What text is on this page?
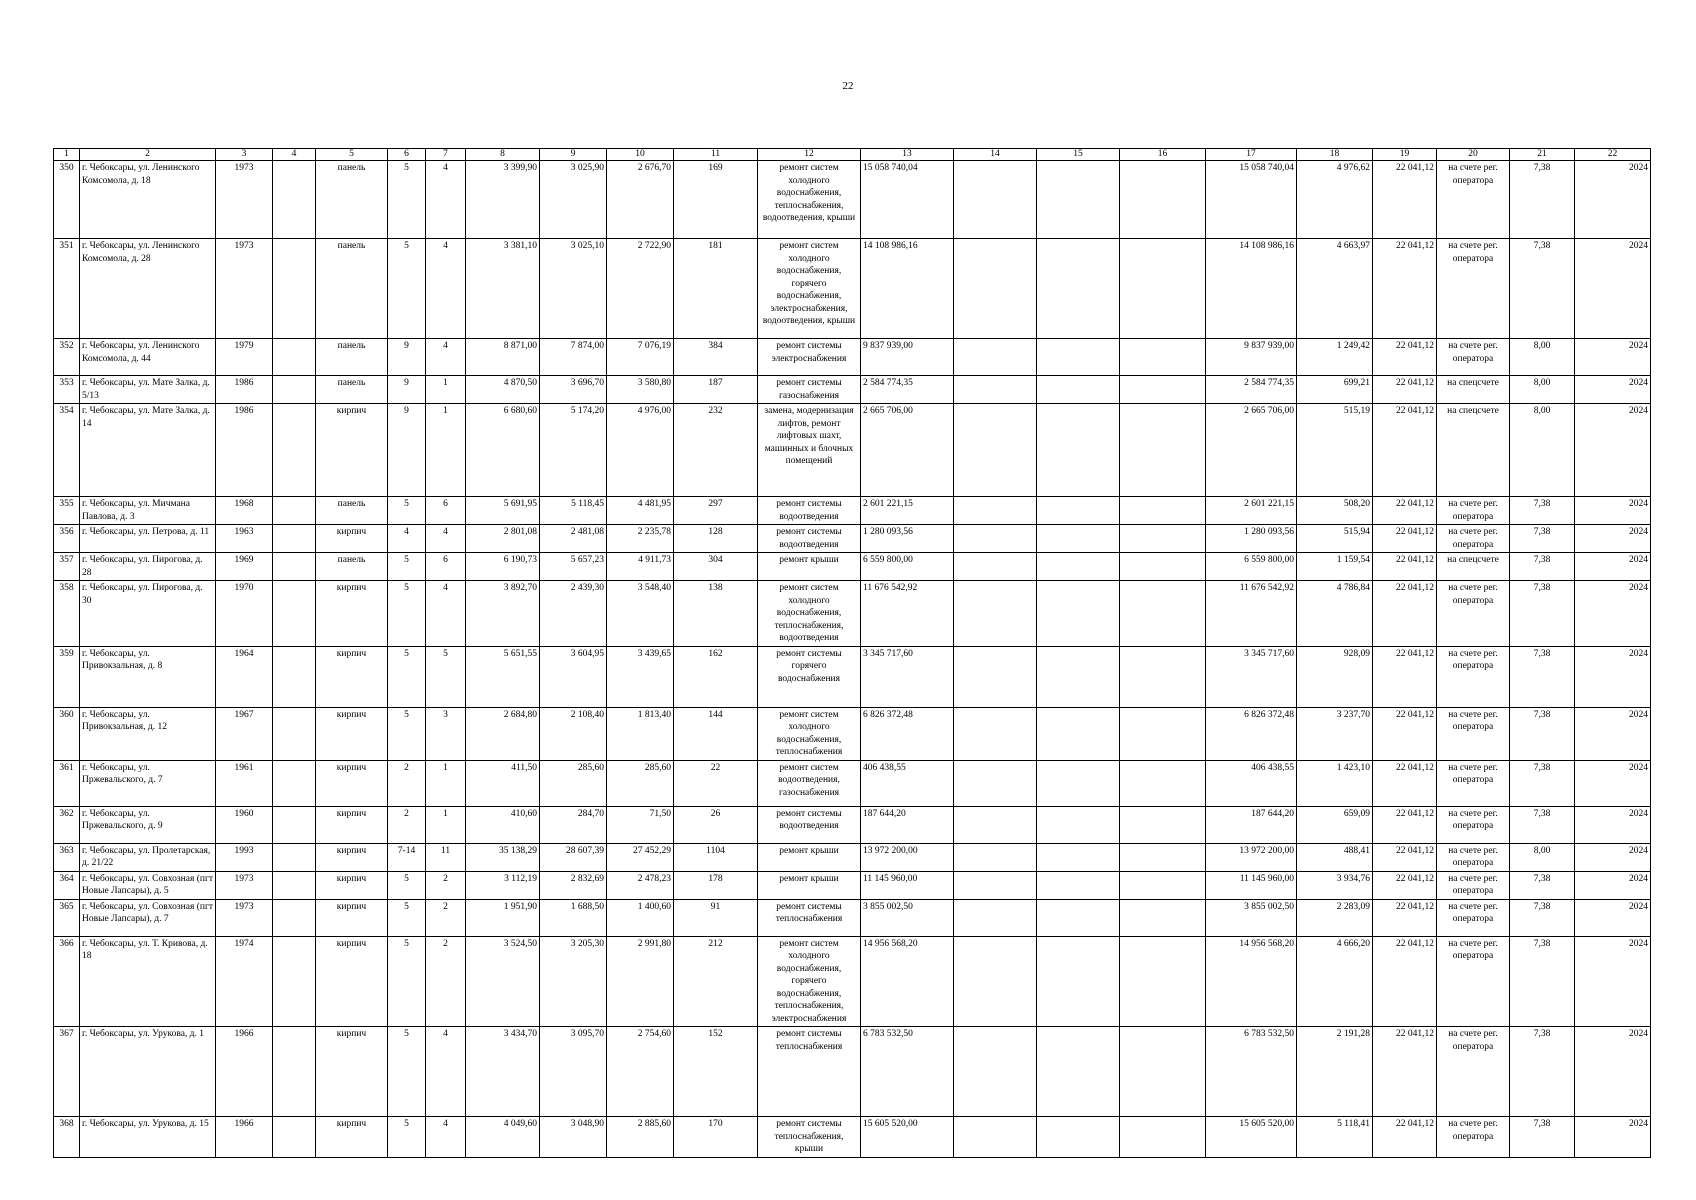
22
1	2	3	4	5	6	7	8	9	10	11	12	13	14	15	16	17	18	19	20	21	22
350	г. Чебоксары, ул. Ленинского Комсомола, д. 18	1973		панель	5	4	3 399,90	3 025,90	2 676,70	169	ремонт систем холодного водоснабжения, теплоснабжения, водоотведения, крыши	15 058 740,04				15 058 740,04	4 976,62	22 041,12	на счете рег. оператора	7,38	2024
351	г. Чебоксары, ул. Ленинского Комсомола, д. 28	1973		панель	5	4	3 381,10	3 025,10	2 722,90	181	ремонт систем холодного водоснабжения, горячего водоснабжения, электроснабжения, водоотведения, крыши	14 108 986,16				14 108 986,16	4 663,97	22 041,12	на счете рег. оператора	7,38	2024
352	г. Чебоксары, ул. Ленинского Комсомола, д. 44	1979		панель	9	4	8 871,00	7 874,00	7 076,19	384	ремонт системы электроснабжения	9 837 939,00				9 837 939,00	1 249,42	22 041,12	на счете рег. оператора	8,00	2024
353	г. Чебоксары, ул. Мате Залка, д. 5/13	1986		панель	9	1	4 870,50	3 696,70	3 580,80	187	ремонт системы газоснабжения	2 584 774,35				2 584 774,35	699,21	22 041,12	на спецсчете	8,00	2024
354	г. Чебоксары, ул. Мате Залка, д. 14	1986		кирпич	9	1	6 680,60	5 174,20	4 976,00	232	замена, модернизация лифтов, ремонт лифтовых шахт, машинных и блочных помещений	2 665 706,00				2 665 706,00	515,19	22 041,12	на спецсчете	8,00	2024
355	г. Чебоксары, ул. Мичмана Павлова, д. 3	1968		панель	5	6	5 691,95	5 118,45	4 481,95	297	ремонт системы водоотведения	2 601 221,15				2 601 221,15	508,20	22 041,12	на счете рег. оператора	7,38	2024
356	г. Чебоксары, ул. Петрова, д. 11	1963		кирпич	4	4	2 801,08	2 481,08	2 235,78	128	ремонт системы водоотведения	1 280 093,56				1 280 093,56	515,94	22 041,12	на счете рег. оператора	7,38	2024
357	г. Чебоксары, ул. Пирогова, д. 28	1969		панель	5	6	6 190,73	5 657,23	4 911,73	304	ремонт крыши	6 559 800,00				6 559 800,00	1 159,54	22 041,12	на спецсчете	7,38	2024
358	г. Чебоксары, ул. Пирогова, д. 30	1970		кирпич	5	4	3 892,70	2 439,30	3 548,40	138	ремонт систем холодного водоснабжения, теплоснабжения, водоотведения	11 676 542,92				11 676 542,92	4 786,84	22 041,12	на счете рег. оператора	7,38	2024
359	г. Чебоксары, ул. Привокзальная, д. 8	1964		кирпич	5	5	5 651,55	3 604,95	3 439,65	162	ремонт системы горячего водоснабжения	3 345 717,60				3 345 717,60	928,09	22 041,12	на счете рег. оператора	7,38	2024
360	г. Чебоксары, ул. Привокзальная, д. 12	1967		кирпич	5	3	2 684,80	2 108,40	1 813,40	144	ремонт систем холодного водоснабжения, теплоснабжения	6 826 372,48				6 826 372,48	3 237,70	22 041,12	на счете рег. оператора	7,38	2024
361	г. Чебоксары, ул. Пржевальского, д. 7	1961		кирпич	2	1	411,50	285,60	285,60	22	ремонт систем водоотведения, газоснабжения	406 438,55				406 438,55	1 423,10	22 041,12	на счете рег. оператора	7,38	2024
362	г. Чебоксары, ул. Пржевальского, д. 9	1960		кирпич	2	1	410,60	284,70	71,50	26	ремонт системы водоотведения	187 644,20				187 644,20	659,09	22 041,12	на счете рег. оператора	7,38	2024
363	г. Чебоксары, ул. Пролетарская, д. 21/22	1993		кирпич	7-14	11	35 138,29	28 607,39	27 452,29	1104	ремонт крыши	13 972 200,00				13 972 200,00	488,41	22 041,12	на счете рег. оператора	8,00	2024
364	г. Чебоксары, ул. Совхозная (пгт Новые Лапсары), д. 5	1973		кирпич	5	2	3 112,19	2 832,69	2 478,23	178	ремонт крыши	11 145 960,00				11 145 960,00	3 934,76	22 041,12	на счете рег. оператора	7,38	2024
365	г. Чебоксары, ул. Совхозная (пгт Новые Лапсары), д. 7	1973		кирпич	5	2	1 951,90	1 688,50	1 400,60	91	ремонт системы теплоснабжения	3 855 002,50				3 855 002,50	2 283,09	22 041,12	на счете рег. оператора	7,38	2024
366	г. Чебоксары, ул. Т. Кривова, д. 18	1974		кирпич	5	2	3 524,50	3 205,30	2 991,80	212	ремонт систем холодного водоснабжения, горячего водоснабжения, теплоснабжения, электроснабжения	14 956 568,20				14 956 568,20	4 666,20	22 041,12	на счете рег. оператора	7,38	2024
367	г. Чебоксары, ул. Урукова, д. 1	1966		кирпич	5	4	3 434,70	3 095,70	2 754,60	152	ремонт системы теплоснабжения	6 783 532,50				6 783 532,50	2 191,28	22 041,12	на счете рег. оператора	7,38	2024
368	г. Чебоксары, ул. Урукова, д. 15	1966		кирпич	5	4	4 049,60	3 048,90	2 885,60	170	ремонт системы теплоснабжения, крыши	15 605 520,00				15 605 520,00	5 118,41	22 041,12	на счете рег. оператора	7,38	2024
